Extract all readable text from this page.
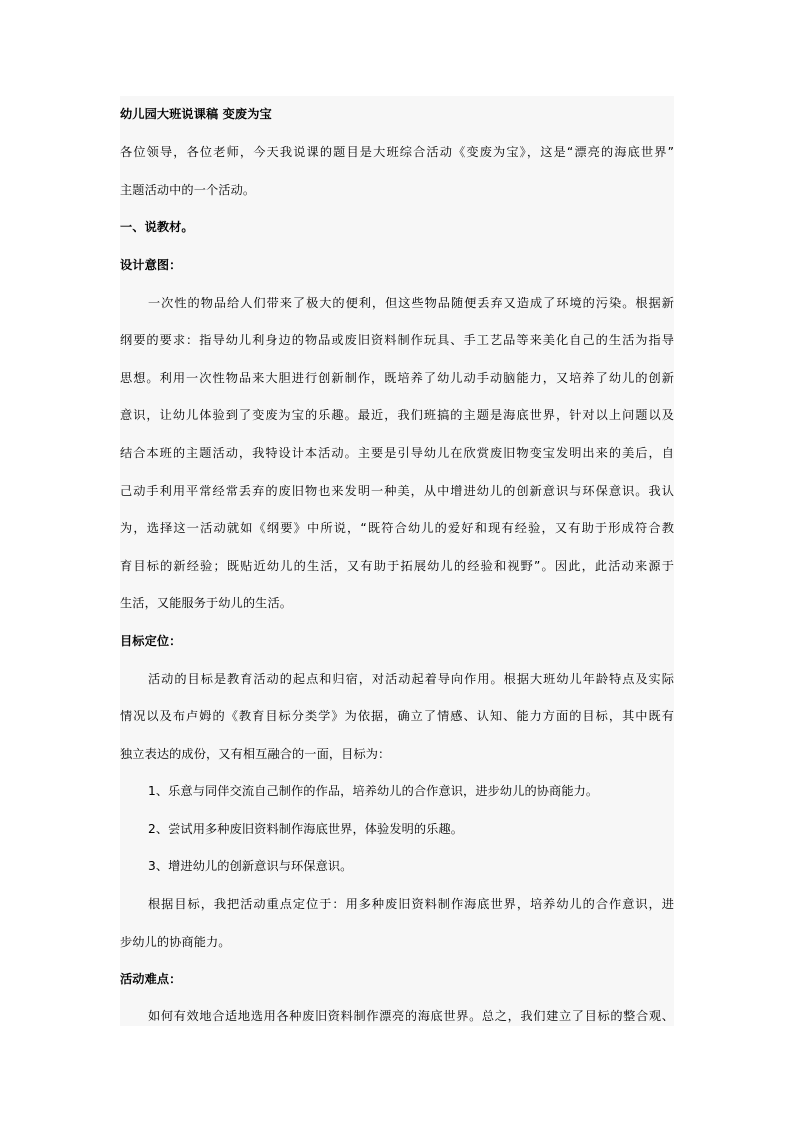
幼儿园大班说课稿 变废为宝
各位领导，各位老师，今天我说课的题目是大班综合活动《变废为宝》，这是“漂亮的海底世界”
主题活动中的一个活动。
一、说教材。
设计意图：
一次性的物品给人们带来了极大的便利，但这些物品随便丢弃又造成了环境的污染。根据新
纲要的要求：指导幼儿利身边的物品或废旧资料制作玩具、手工艺品等来美化自己的生活为指导
思想。利用一次性物品来大胆进行创新制作，既培养了幼儿动手动脑能力，又培养了幼儿的创新
意识，让幼儿体验到了变废为宝的乐趣。最近，我们班搞的主题是海底世界，针对以上问题以及
结合本班的主题活动，我特设计本活动。主要是引导幼儿在欣赏废旧物变宝发明出来的美后，自
己动手利用平常经常丢弃的废旧物也来发明一种美，从中增进幼儿的创新意识与环保意识。我认
为，选择这一活动就如《纲要》中所说，“既符合幼儿的爱好和现有经验，又有助于形成符合教
育目标的新经验；既贴近幼儿的生活，又有助于拓展幼儿的经验和视野”。因此，此活动来源于
生活，又能服务于幼儿的生活。
目标定位：
活动的目标是教育活动的起点和归宿，对活动起着导向作用。根据大班幼儿年龄特点及实际
情况以及布卢姆的《教育目标分类学》为依据，确立了情感、认知、能力方面的目标，其中既有
独立表达的成份，又有相互融合的一面，目标为：
1、乐意与同伴交流自己制作的作品，培养幼儿的合作意识，进步幼儿的协商能力。
2、尝试用多种废旧资料制作海底世界，体验发明的乐趣。
3、增进幼儿的创新意识与环保意识。
根据目标，我把活动重点定位于：用多种废旧资料制作海底世界，培养幼儿的合作意识，进
步幼儿的协商能力。
活动难点：
如何有效地合适地选用各种废旧资料制作漂亮的海底世界。总之，我们建立了目标的整合观、
